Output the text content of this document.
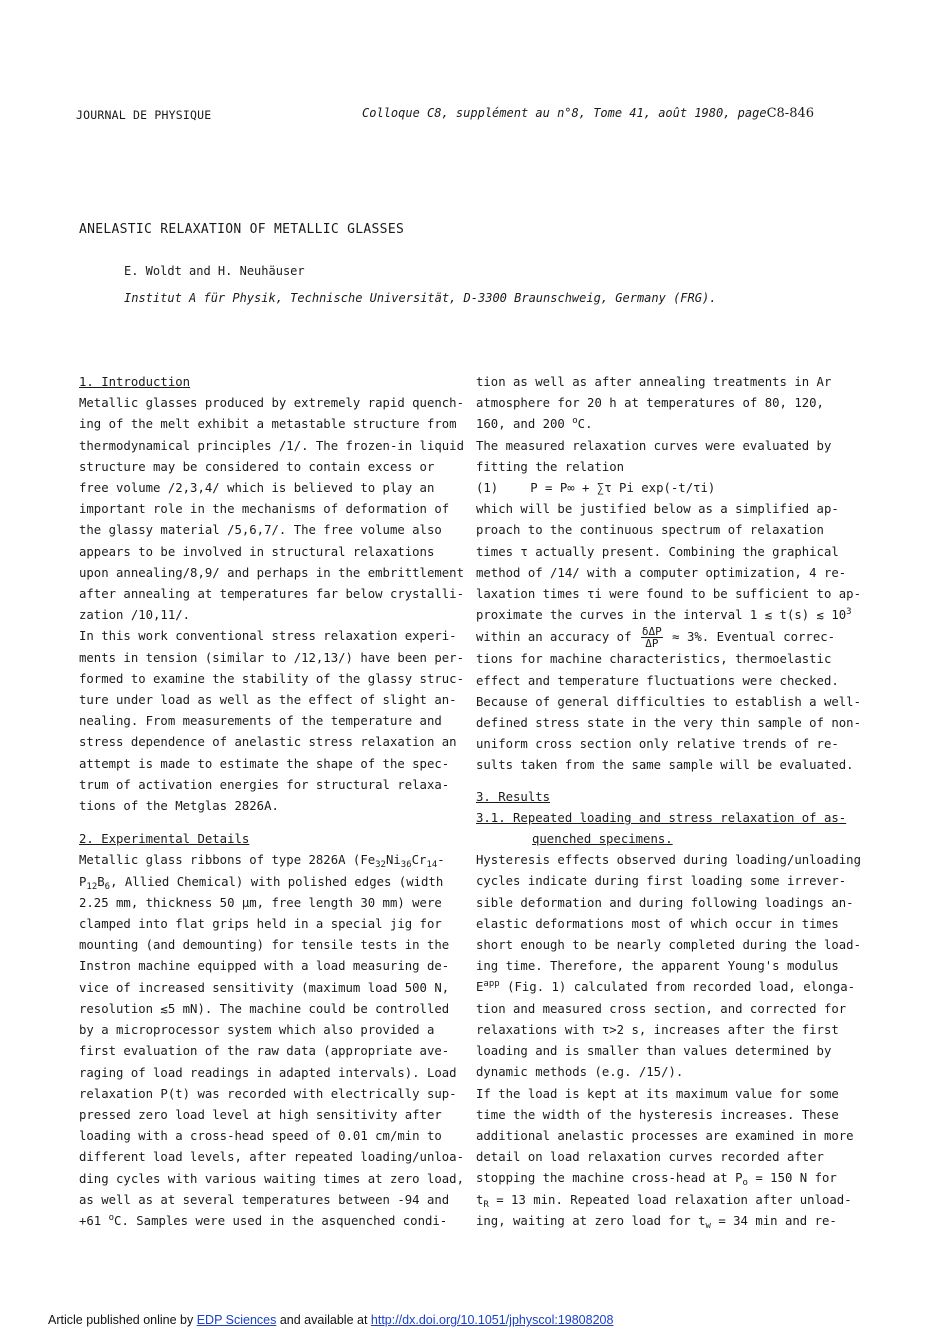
JOURNAL DE PHYSIQUE	Colloque C8, supplément au n°8, Tome 41, août 1980, pageC8-846
ANELASTIC RELAXATION OF METALLIC GLASSES
E. Woldt and H. Neuhäuser
Institut A für Physik, Technische Universität, D-3300 Braunschweig, Germany (FRG).

1. Introduction

Metallic glasses produced by extremely rapid quench-

ing of the melt exhibit a metastable structure from

thermodynamical principles /1/. The frozen-in liquid

structure may be considered to contain excess or

free volume /2,3,4/ which is believed to play an

important role in the mechanisms of deformation of

the glassy material /5,6,7/. The free volume also

appears to be involved in structural relaxations

upon annealing/8,9/ and perhaps in the embrittlement

after annealing at temperatures far below crystalli-

zation /10,11/.

In this work conventional stress relaxation experi-

ments in tension (similar to /12,13/) have been per-

formed to examine the stability of the glassy struc-

ture under load as well as the effect of slight an-

nealing. From measurements of the temperature and

stress dependence of anelastic stress relaxation an

attempt is made to estimate the shape of the spec-

trum of activation energies for structural relaxa-

tions of the Metglas 2826A.

2. Experimental Details

Metallic glass ribbons of type 2826A ($Fe_{32}Ni_{36}Cr_{14}-$

$P_{12}B_6$, Allied Chemical) with polished edges (width

2.25 mm, thickness 50 µm, free length 30 mm) were

clamped into flat grips held in a special jig for

mounting (and demounting) for tensile tests in the

Instron machine equipped with a load measuring de-

vice of increased sensitivity (maximum load 500 N,

resolution ≲5 mN). The machine could be controlled

by a microprocessor system which also provided a

first evaluation of the raw data (appropriate ave-

raging of load readings in adapted intervals). Load

relaxation P(t) was recorded with electrically sup-

pressed zero load level at high sensitivity after

loading with a cross-head speed of 0.01 cm/min to

different load levels, after repeated loading/unloa-

ding cycles with various waiting times at zero load,

as well as at several temperatures between -94 and

+61 $^o$C. Samples were used in the asquenched condi-

tion as well as after annealing treatments in Ar

atmosphere for 20 h at temperatures of 80, 120,

160, and 200 $^o$C.

The measured relaxation curves were evaluated by

fitting the relation

(1)	P = P∞ + ∑τ Pi exp(-t/τi)

which will be justified below as a simplified ap-

proach to the continuous spectrum of relaxation

times τ actually present. Combining the graphical

method of /14/ with a computer optimization, 4 re-

laxation times τi were found to be sufficient to ap-

proximate the curves in the interval 1 ≲ t(s) ≲ $10^3$

within an accuracy of $\frac{\text{δΔP}}{\Delta P} \approx 3\%$. Eventual correc-

tions for machine characteristics, thermoelastic

effect and temperature fluctuations were checked.

Because of general difficulties to establish a well-

defined stress state in the very thin sample of non-

uniform cross section only relative trends of re-

sults taken from the same sample will be evaluated.

3. Results

3.1. Repeated loading and stress relaxation of as-

quenched specimens.

Hysteresis effects observed during loading/unloading

cycles indicate during first loading some irrever-

sible deformation and during following loadings an-

elastic deformations most of which occur in times

short enough to be nearly completed during the load-

ing time. Therefore, the apparent Young's modulus

$E^{app}$ (Fig. 1) calculated from recorded load, elonga-

tion and measured cross section, and corrected for

relaxations with τ>2 s, increases after the first

loading and is smaller than values determined by

dynamic methods (e.g. /15/).

If the load is kept at its maximum value for some

time the width of the hysteresis increases. These

additional anelastic processes are examined in more

detail on load relaxation curves recorded after

stopping the machine cross-head at $P_o = 150$ N for

$t_R = 13$ min. Repeated load relaxation after unload-

ing, waiting at zero load for $t_w = 34$ min and re-

Article published online by EDP Sciences and available at http://dx.doi.org/10.1051/jphyscol:19808208
